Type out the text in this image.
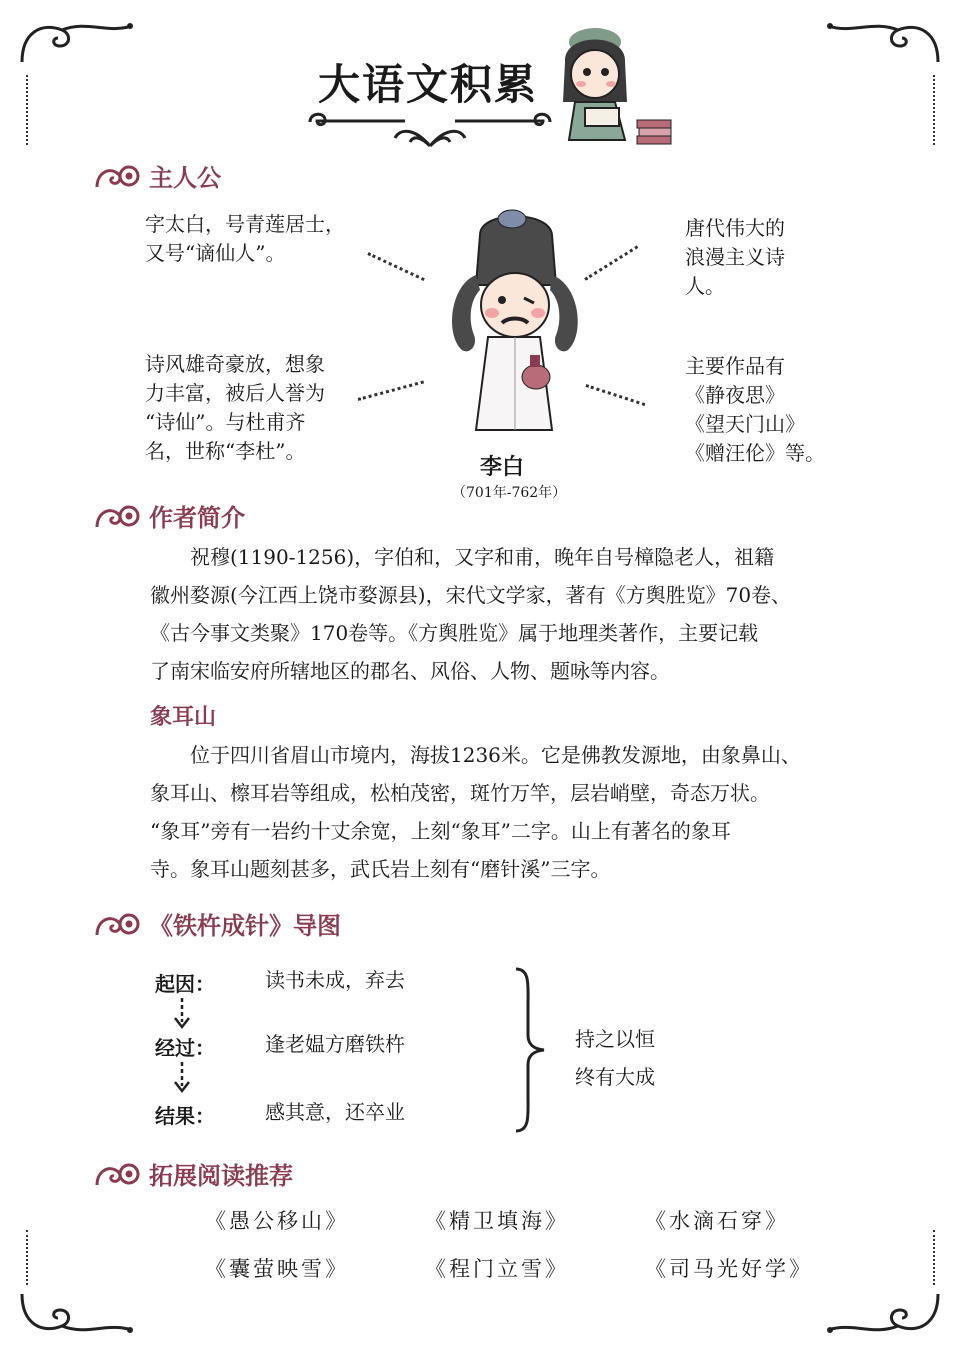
大语文积累
主人公
字太白，号青莲居士，
又号“谪仙人”。
唐代伟大的
浪漫主义诗
人。
诗风雄奇豪放，想象
力丰富，被后人誉为
“诗仙”。与杜甫齐
名，世称“李杜”。
主要作品有
《静夜思》
《望天门山》
《赠汪伦》等。
李白
（701年-762年）
作者简介
祝穆(1190-1256)，字伯和，又字和甫，晚年自号樟隐老人，祖籍
徽州婺源(今江西上饶市婺源县)，宋代文学家，著有《方舆胜览》70卷、
《古今事文类聚》170卷等。《方舆胜览》属于地理类著作，主要记载
了南宋临安府所辖地区的郡名、风俗、人物、题咏等内容。
象耳山
位于四川省眉山市境内，海拔1236米。它是佛教发源地，由象鼻山、
象耳山、檫耳岩等组成，松柏茂密，斑竹万竿，层岩峭壁，奇态万状。
“象耳”旁有一岩约十丈余宽，上刻“象耳”二字。山上有著名的象耳
寺。象耳山题刻甚多，武氏岩上刻有“磨针溪”三字。
《铁杵成针》导图
起因：	读书未成，弃去
经过：	逢老媪方磨铁杵
结果：	感其意，还卒业
持之以恒
终有大成
拓展阅读推荐
《愚公移山》	《精卫填海》	《水滴石穿》
《囊萤映雪》	《程门立雪》	《司马光好学》
